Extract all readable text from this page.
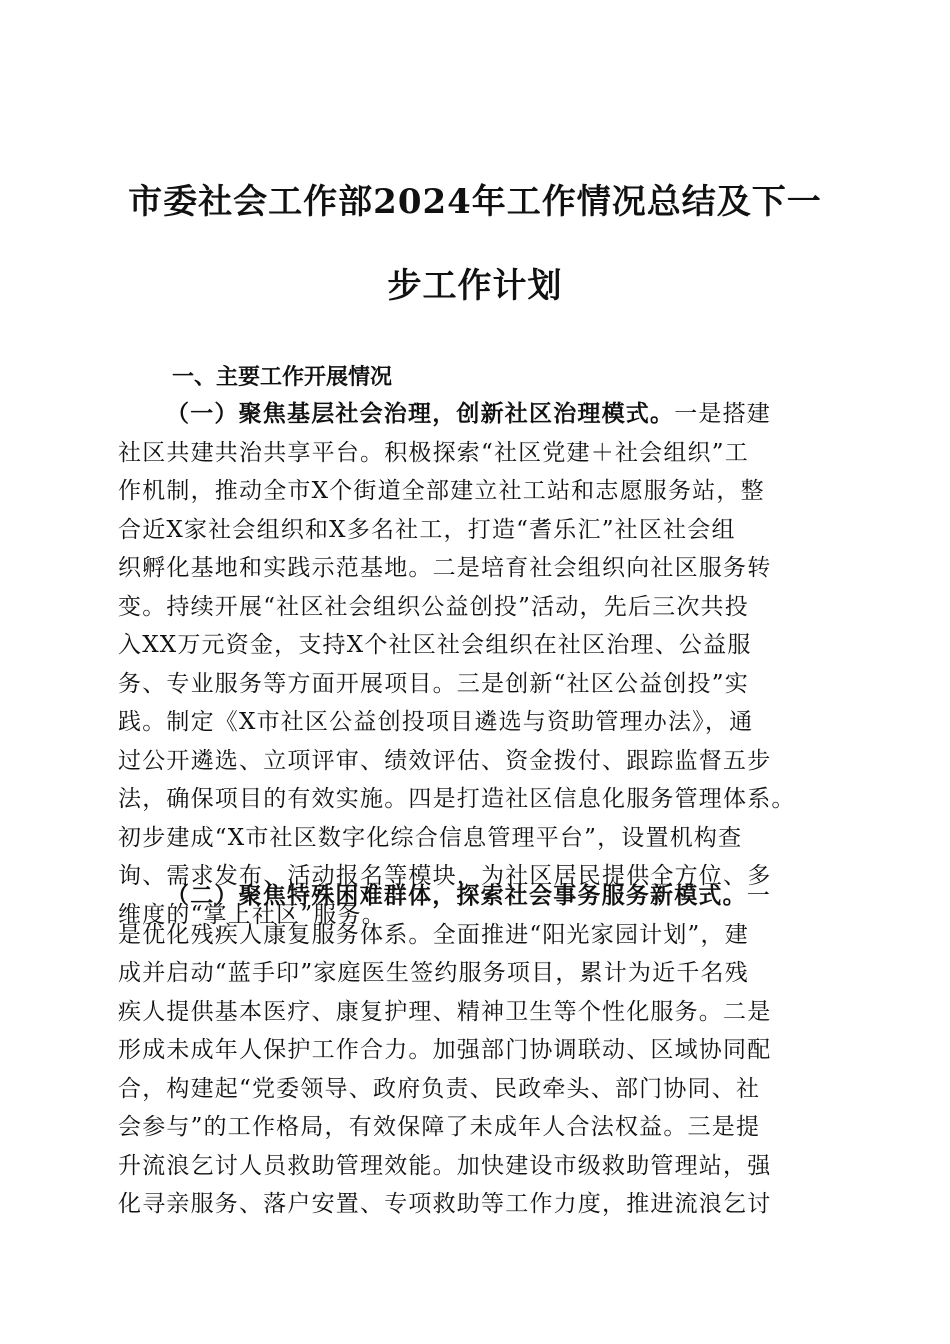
市委社会工作部2024年工作情况总结及下一
步工作计划
一、主要工作开展情况

（一）聚焦基层社会治理，创新社区治理模式。一是搭建
社区共建共治共享平台。积极探索“社区党建＋社会组织”工
作机制，推动全市X个街道全部建立社工站和志愿服务站，整
合近X家社会组织和X多名社工，打造“耆乐汇”社区社会组
织孵化基地和实践示范基地。二是培育社会组织向社区服务转
变。持续开展“社区社会组织公益创投”活动，先后三次共投
入XX万元资金，支持X个社区社会组织在社区治理、公益服
务、专业服务等方面开展项目。三是创新“社区公益创投”实
践。制定《X市社区公益创投项目遴选与资助管理办法》，通
过公开遴选、立项评审、绩效评估、资金拨付、跟踪监督五步
法，确保项目的有效实施。四是打造社区信息化服务管理体系。
初步建成“X市社区数字化综合信息管理平台”，设置机构查
询、需求发布、活动报名等模块，为社区居民提供全方位、多
维度的“掌上社区”服务。

（二）聚焦特殊困难群体，探索社会事务服务新模式。一
是优化残疾人康复服务体系。全面推进“阳光家园计划”，建
成并启动“蓝手印”家庭医生签约服务项目，累计为近千名残
疾人提供基本医疗、康复护理、精神卫生等个性化服务。二是
形成未成年人保护工作合力。加强部门协调联动、区域协同配
合，构建起“党委领导、政府负责、民政牵头、部门协同、社
会参与”的工作格局，有效保障了未成年人合法权益。三是提
升流浪乞讨人员救助管理效能。加快建设市级救助管理站，强
化寻亲服务、落户安置、专项救助等工作力度，推进流浪乞讨
